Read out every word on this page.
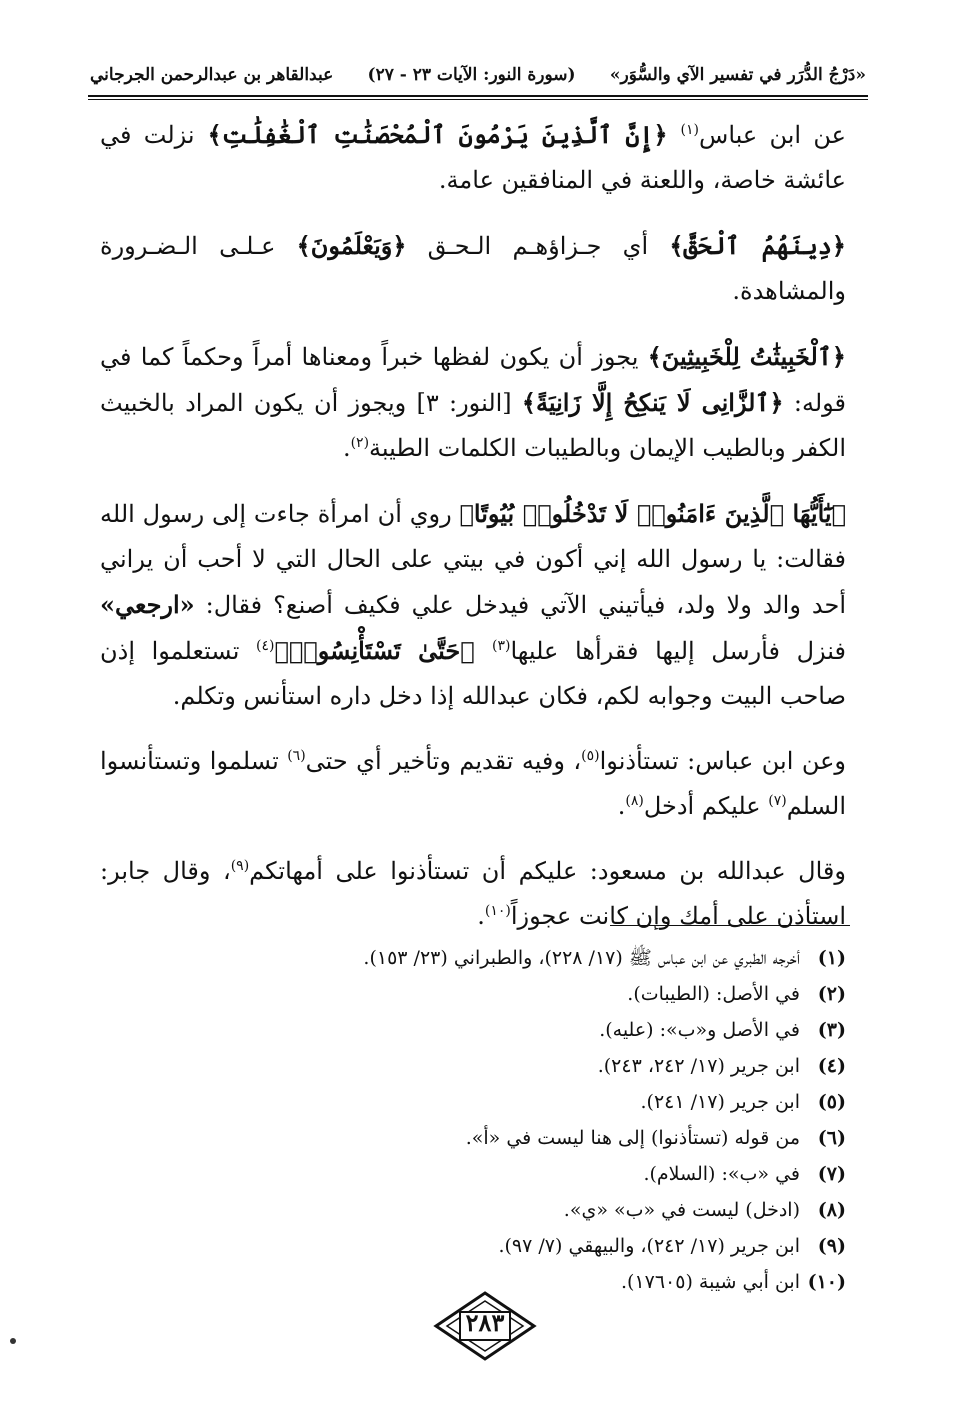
«دَرْجُ الدُّرَر في تفسير الآي والسُّوَر»
(سورة النور: الآيات ٢٣ - ٢٧)
عبدالقاهر بن عبدالرحمن الجرجاني

عن ابن عباس$^{(١)}$ ﴿إِنَّ ٱلَّذِينَ يَرْمُونَ ٱلْمُحْصَنَٰتِ ٱلْغَٰفِلَٰتِ﴾ نزلت في عائشة خاصة، واللعنة في المنافقين عامة.

﴿دِينَهُمُ ٱلْحَقَّ﴾ أي جـزاؤهـم الـحـق ﴿وَيَعْلَمُونَ﴾ عـلـى الـضـرورة والمشاهدة.

﴿ٱلْخَبِيثَٰتُ لِلْخَبِيثِينَ﴾ يجوز أن يكون لفظها خبراً ومعناها أمراً وحكماً كما في قوله: ﴿ٱلزَّانِى لَا يَنكِحُ إِلَّا زَانِيَةً﴾ [النور: ٣] ويجوز أن يكون المراد بالخبيث الكفر وبالطيب الإيمان وبالطيبات الكلمات الطيبة$^{(٢)}$.

﴿يَٰٓأَيُّهَا ٱلَّذِينَ ءَامَنُوا۟ لَا تَدْخُلُوا۟ بُيُوتًا﴾ روي أن امرأة جاءت إلى رسول الله فقالت: يا رسول الله إني أكون في بيتي على الحال التي لا أحب أن يراني أحد والد ولا ولد، فيأتيني الآتي فيدخل علي فكيف أصنع؟ فقال: «ارجعي» فنزل فأرسل إليها فقرأها عليها$^{(٣)}$ ﴿حَتَّىٰ تَسْتَأْنِسُوا۟﴾$^{(٤)}$ تستعلموا إذن صاحب البيت وجوابه لكم، فكان عبدالله إذا دخل داره استأنس وتكلم.

وعن ابن عباس: تستأذنوا$^{(٥)}$، وفيه تقديم وتأخير أي حتى$^{(٦)}$ تسلموا وتستأنسوا السلم$^{(٧)}$ عليكم أدخل$^{(٨)}$.

وقال عبدالله بن مسعود: عليكم أن تستأذنوا على أمهاتكم$^{(٩)}$، وقال جابر: استأذن على أمك وإن كانت عجوزاً$^{(١٠)}$.

(١)
أخرجه الطبري عن ابن عباس ﷺ (١٧/ ٢٢٨)، والطبراني (٢٣/ ١٥٣).
(٢)
في الأصل: (الطيبات).
(٣)
في الأصل و«ب»: (عليه).
(٤)
ابن جرير (١٧/ ٢٤٢، ٢٤٣).
(٥)
ابن جرير (١٧/ ٢٤١).
(٦)
من قوله (تستأذنوا) إلى هنا ليست في «أ».
(٧)
في «ب»: (السلام).
(٨)
(ادخل) ليست في «ب» «ي».
(٩)
ابن جرير (١٧/ ٢٤٢)، والبيهقي (٧/ ٩٧).
(١٠)
ابن أبي شيبة (١٧٦٠٥).
٢٨٣
